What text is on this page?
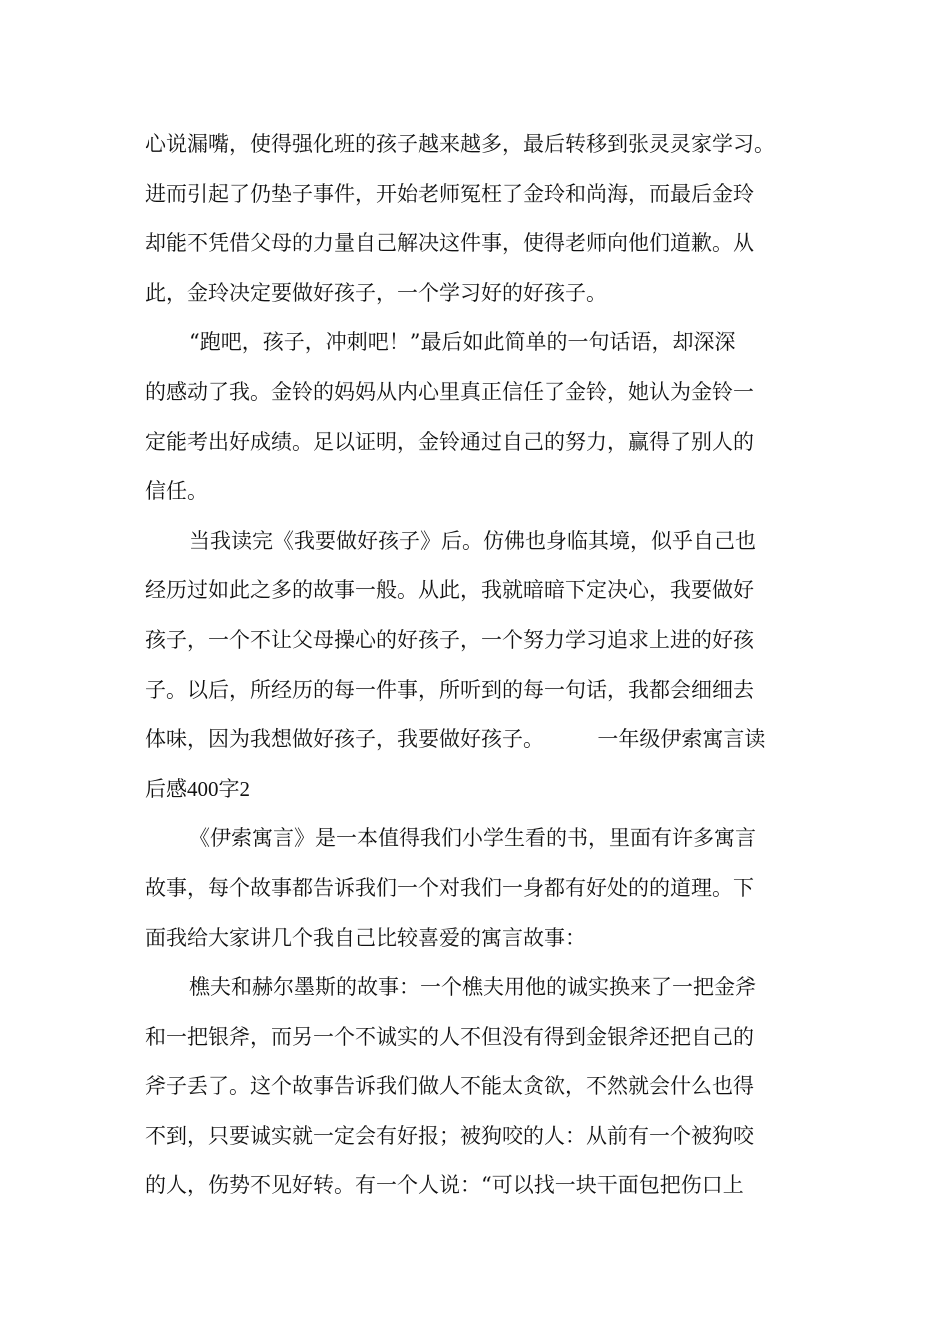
心说漏嘴，使得强化班的孩子越来越多，最后转移到张灵灵家学习。
进而引起了仍垫子事件，开始老师冤枉了金玲和尚海，而最后金玲
却能不凭借父母的力量自己解决这件事，使得老师向他们道歉。从
此，金玲决定要做好孩子，一个学习好的好孩子。
“跑吧，孩子，冲刺吧！”最后如此简单的一句话语，却深深
的感动了我。金铃的妈妈从内心里真正信任了金铃，她认为金铃一
定能考出好成绩。足以证明，金铃通过自己的努力，赢得了别人的
信任。
当我读完《我要做好孩子》后。仿佛也身临其境，似乎自己也
经历过如此之多的故事一般。从此，我就暗暗下定决心，我要做好
孩子，一个不让父母操心的好孩子，一个努力学习追求上进的好孩
子。以后，所经历的每一件事，所听到的每一句话，我都会细细去
体味，因为我想做好孩子，我要做好孩子。        一年级伊索寓言读
后感400字2
《伊索寓言》是一本值得我们小学生看的书，里面有许多寓言
故事，每个故事都告诉我们一个对我们一身都有好处的的道理。下
面我给大家讲几个我自己比较喜爱的寓言故事：
樵夫和赫尔墨斯的故事：一个樵夫用他的诚实换来了一把金斧
和一把银斧，而另一个不诚实的人不但没有得到金银斧还把自己的
斧子丢了。这个故事告诉我们做人不能太贪欲，不然就会什么也得
不到，只要诚实就一定会有好报；被狗咬的人：从前有一个被狗咬
的人，伤势不见好转。有一个人说：“可以找一块干面包把伤口上
